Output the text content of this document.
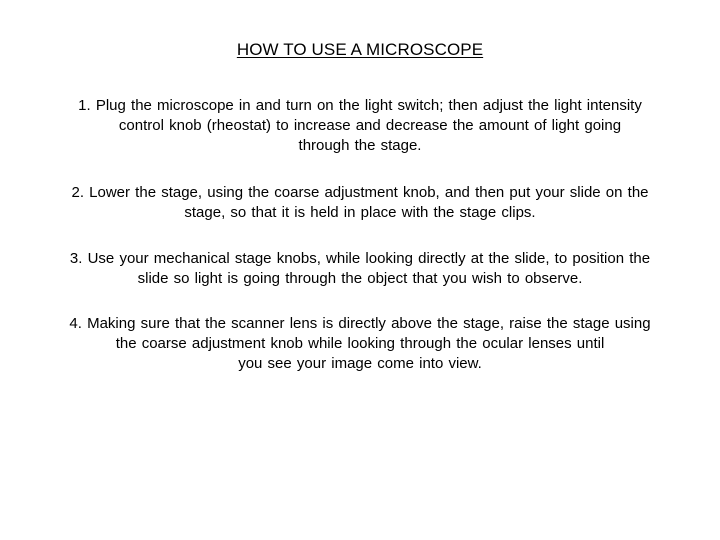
HOW TO USE A MICROSCOPE
1. Plug the microscope in and turn on the light switch; then adjust the light intensity
control knob (rheostat) to increase and decrease the amount of light going
through the stage.
2. Lower the stage, using the coarse adjustment knob, and then put your slide on the
stage, so that it is held in place with the stage clips.
3. Use your mechanical stage knobs, while looking directly at the slide, to position the
slide so light is going through the object that you wish to observe.
4. Making sure that the scanner lens is directly above the stage, raise the stage using
the coarse adjustment knob while looking through the ocular lenses until
you see your image come into view.
